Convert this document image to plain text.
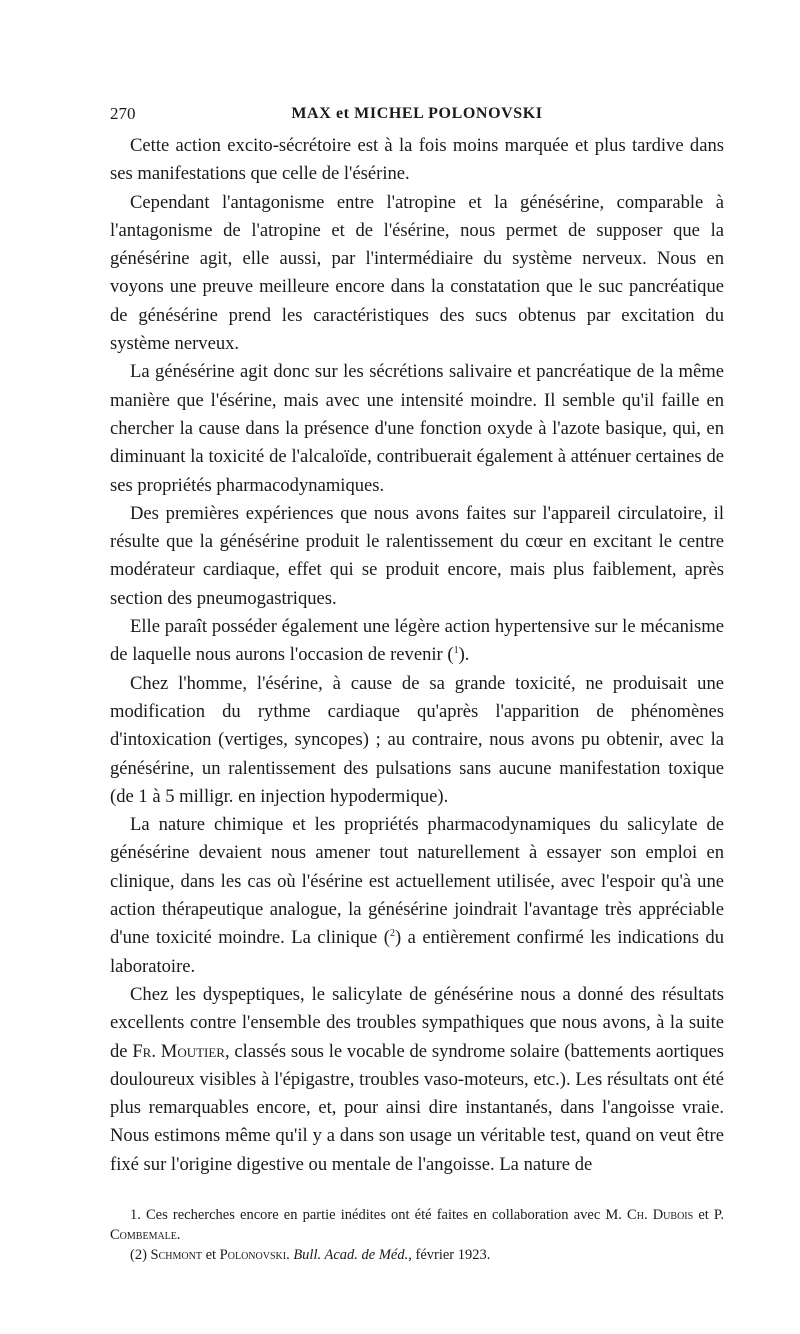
270	MAX et MICHEL POLONOVSKI

Cette action excito-sécrétoire est à la fois moins marquée et plus tardive dans ses manifestations que celle de l'ésérine.

Cependant l'antagonisme entre l'atropine et la génésérine, comparable à l'antagonisme de l'atropine et de l'ésérine, nous permet de supposer que la génésérine agit, elle aussi, par l'intermédiaire du système nerveux. Nous en voyons une preuve meilleure encore dans la constatation que le suc pancréatique de génésérine prend les caractéristiques des sucs obtenus par excitation du système nerveux.

La génésérine agit donc sur les sécrétions salivaire et pancréatique de la même manière que l'ésérine, mais avec une intensité moindre. Il semble qu'il faille en chercher la cause dans la présence d'une fonction oxyde à l'azote basique, qui, en diminuant la toxicité de l'alcaloïde, contribuerait également à atténuer certaines de ses propriétés pharmacodynamiques.

Des premières expériences que nous avons faites sur l'appareil circulatoire, il résulte que la génésérine produit le ralentissement du cœur en excitant le centre modérateur cardiaque, effet qui se produit encore, mais plus faiblement, après section des pneumogastriques.

Elle paraît posséder également une légère action hypertensive sur le mécanisme de laquelle nous aurons l'occasion de revenir ($^1$).

Chez l'homme, l'ésérine, à cause de sa grande toxicité, ne produisait une modification du rythme cardiaque qu'après l'apparition de phénomènes d'intoxication (vertiges, syncopes) ; au contraire, nous avons pu obtenir, avec la génésérine, un ralentissement des pulsations sans aucune manifestation toxique (de 1 à 5 milligr. en injection hypodermique).

La nature chimique et les propriétés pharmacodynamiques du salicylate de génésérine devaient nous amener tout naturellement à essayer son emploi en clinique, dans les cas où l'ésérine est actuellement utilisée, avec l'espoir qu'à une action thérapeutique analogue, la génésérine joindrait l'avantage très appréciable d'une toxicité moindre. La clinique ($^2$) a entièrement confirmé les indications du laboratoire.

Chez les dyspeptiques, le salicylate de génésérine nous a donné des résultats excellents contre l'ensemble des troubles sympathiques que nous avons, à la suite de Fr. Moutier, classés sous le vocable de syndrome solaire (battements aortiques douloureux visibles à l'épigastre, troubles vaso-moteurs, etc.). Les résultats ont été plus remarquables encore, et, pour ainsi dire instantanés, dans l'angoisse vraie. Nous estimons même qu'il y a dans son usage un véritable test, quand on veut être fixé sur l'origine digestive ou mentale de l'angoisse. La nature de

1. Ces recherches encore en partie inédites ont été faites en collaboration avec M. Ch. Dubois et P. Combemale.

(2) Schmont et Polonovski. Bull. Acad. de Méd., février 1923.
